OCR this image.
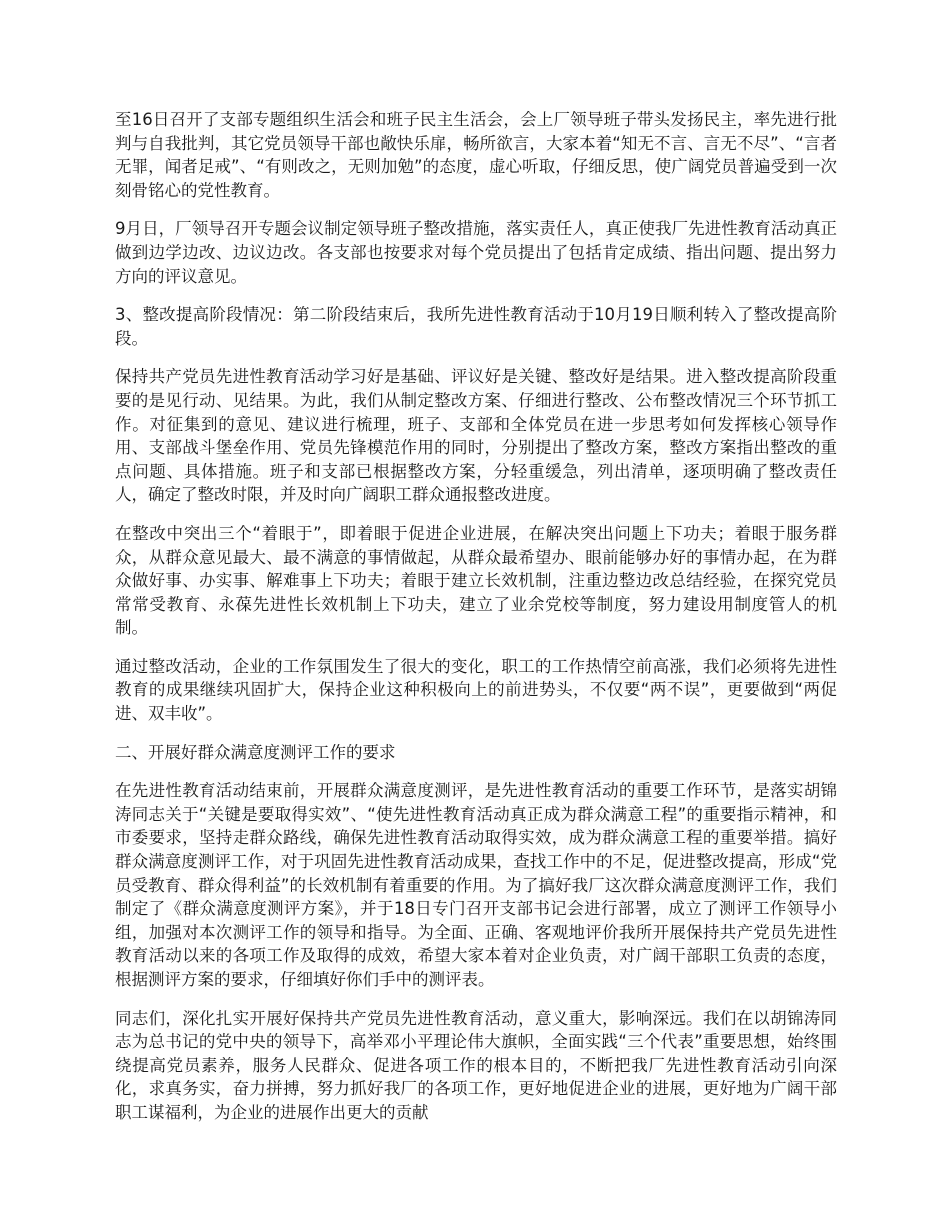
至16日召开了支部专题组织生活会和班子民主生活会，会上厂领导班子带头发扬民主，率先进行批判与自我批判，其它党员领导干部也敞快乐扉，畅所欲言，大家本着“知无不言、言无不尽”、“言者无罪，闻者足戒”、“有则改之，无则加勉”的态度，虚心听取，仔细反思，使广阔党员普遍受到一次刻骨铭心的党性教育。

9月日，厂领导召开专题会议制定领导班子整改措施，落实责任人，真正使我厂先进性教育活动真正做到边学边改、边议边改。各支部也按要求对每个党员提出了包括肯定成绩、指出问题、提出努力方向的评议意见。

3、整改提高阶段情况：第二阶段结束后，我所先进性教育活动于10月19日顺利转入了整改提高阶段。

保持共产党员先进性教育活动学习好是基础、评议好是关键、整改好是结果。进入整改提高阶段重要的是见行动、见结果。为此，我们从制定整改方案、仔细进行整改、公布整改情况三个环节抓工作。对征集到的意见、建议进行梳理，班子、支部和全体党员在进一步思考如何发挥核心领导作用、支部战斗堡垒作用、党员先锋模范作用的同时，分别提出了整改方案，整改方案指出整改的重点问题、具体措施。班子和支部已根据整改方案，分轻重缓急，列出清单，逐项明确了整改责任人，确定了整改时限，并及时向广阔职工群众通报整改进度。

在整改中突出三个“着眼于”，即着眼于促进企业进展，在解决突出问题上下功夫；着眼于服务群众，从群众意见最大、最不满意的事情做起，从群众最希望办、眼前能够办好的事情办起，在为群众做好事、办实事、解难事上下功夫；着眼于建立长效机制，注重边整边改总结经验，在探究党员常常受教育、永葆先进性长效机制上下功夫，建立了业余党校等制度，努力建设用制度管人的机制。

通过整改活动，企业的工作氛围发生了很大的变化，职工的工作热情空前高涨，我们必须将先进性教育的成果继续巩固扩大，保持企业这种积极向上的前进势头，不仅要“两不误”，更要做到“两促进、双丰收”。

二、开展好群众满意度测评工作的要求

在先进性教育活动结束前，开展群众满意度测评，是先进性教育活动的重要工作环节，是落实胡锦涛同志关于“关键是要取得实效”、“使先进性教育活动真正成为群众满意工程”的重要指示精神，和市委要求，坚持走群众路线，确保先进性教育活动取得实效，成为群众满意工程的重要举措。搞好群众满意度测评工作，对于巩固先进性教育活动成果，查找工作中的不足，促进整改提高，形成“党员受教育、群众得利益”的长效机制有着重要的作用。为了搞好我厂这次群众满意度测评工作，我们制定了《群众满意度测评方案》，并于18日专门召开支部书记会进行部署，成立了测评工作领导小组，加强对本次测评工作的领导和指导。为全面、正确、客观地评价我所开展保持共产党员先进性教育活动以来的各项工作及取得的成效，希望大家本着对企业负责，对广阔干部职工负责的态度，根据测评方案的要求，仔细填好你们手中的测评表。

同志们，深化扎实开展好保持共产党员先进性教育活动，意义重大，影响深远。我们在以胡锦涛同志为总书记的党中央的领导下，高举邓小平理论伟大旗帜，全面实践“三个代表”重要思想，始终围绕提高党员素养，服务人民群众、促进各项工作的根本目的，不断把我厂先进性教育活动引向深化，求真务实，奋力拼搏，努力抓好我厂的各项工作，更好地促进企业的进展，更好地为广阔干部职工谋福利，为企业的进展作出更大的贡献
